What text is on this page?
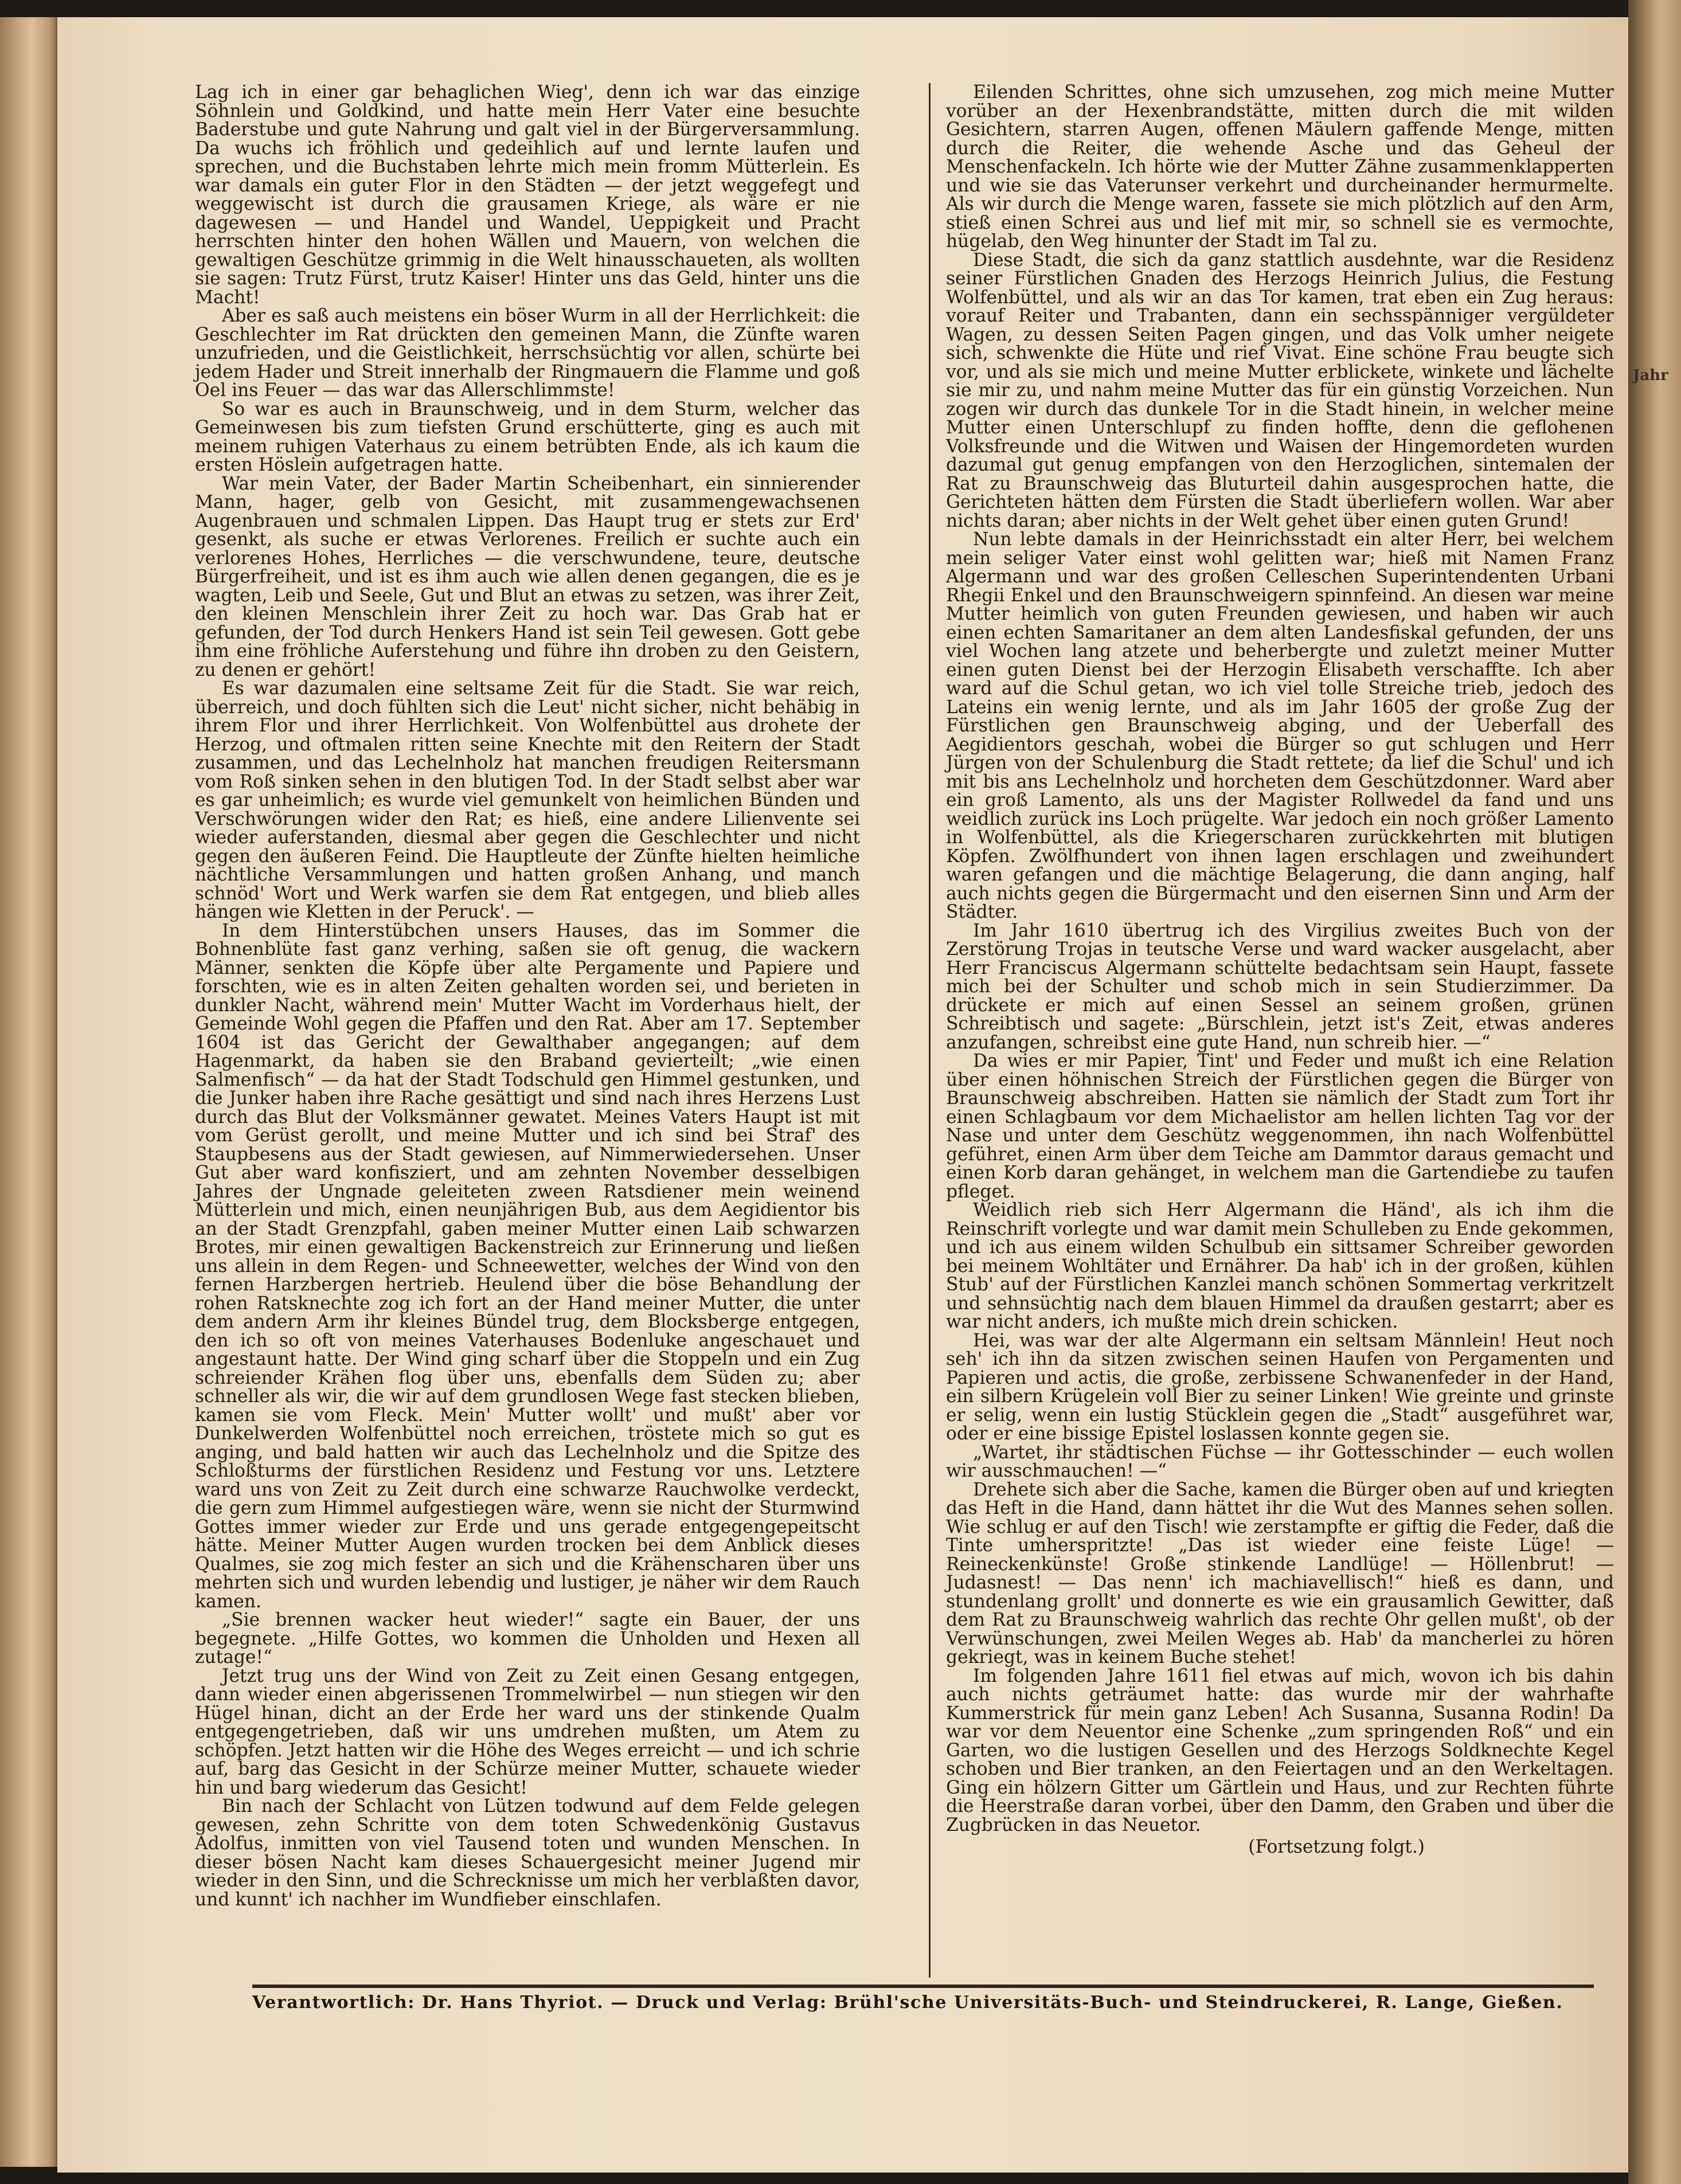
Jahr

Lag ich in einer gar behaglichen Wieg', denn ich war das einzige Söhnlein und Goldkind, und hatte mein Herr Vater eine besuchte Baderstube und gute Nahrung und galt viel in der Bürgerversammlung. Da wuchs ich fröhlich und gedeihlich auf und lernte laufen und sprechen, und die Buchstaben lehrte mich mein fromm Mütterlein. Es war damals ein guter Flor in den Städten — der jetzt weggefegt und weggewischt ist durch die grausamen Kriege, als wäre er nie dagewesen — und Handel und Wandel, Ueppigkeit und Pracht herrschten hinter den hohen Wällen und Mauern, von welchen die gewaltigen Geschütze grimmig in die Welt hinausschaueten, als wollten sie sagen: Trutz Fürst, trutz Kaiser! Hinter uns das Geld, hinter uns die Macht!

Aber es saß auch meistens ein böser Wurm in all der Herrlichkeit: die Geschlechter im Rat drückten den gemeinen Mann, die Zünfte waren unzufrieden, und die Geistlichkeit, herrschsüchtig vor allen, schürte bei jedem Hader und Streit innerhalb der Ringmauern die Flamme und goß Oel ins Feuer — das war das Allerschlimmste!

So war es auch in Braunschweig, und in dem Sturm, welcher das Gemeinwesen bis zum tiefsten Grund erschütterte, ging es auch mit meinem ruhigen Vaterhaus zu einem betrübten Ende, als ich kaum die ersten Höslein aufgetragen hatte.

War mein Vater, der Bader Martin Scheibenhart, ein sinnierender Mann, hager, gelb von Gesicht, mit zusammengewachsenen Augenbrauen und schmalen Lippen. Das Haupt trug er stets zur Erd' gesenkt, als suche er etwas Verlorenes. Freilich er suchte auch ein verlorenes Hohes, Herrliches — die verschwundene, teure, deutsche Bürgerfreiheit, und ist es ihm auch wie allen denen gegangen, die es je wagten, Leib und Seele, Gut und Blut an etwas zu setzen, was ihrer Zeit, den kleinen Menschlein ihrer Zeit zu hoch war. Das Grab hat er gefunden, der Tod durch Henkers Hand ist sein Teil gewesen. Gott gebe ihm eine fröhliche Auferstehung und führe ihn droben zu den Geistern, zu denen er gehört!

Es war dazumalen eine seltsame Zeit für die Stadt. Sie war reich, überreich, und doch fühlten sich die Leut' nicht sicher, nicht behäbig in ihrem Flor und ihrer Herrlichkeit. Von Wolfenbüttel aus drohete der Herzog, und oftmalen ritten seine Knechte mit den Reitern der Stadt zusammen, und das Lechelnholz hat manchen freudigen Reitersmann vom Roß sinken sehen in den blutigen Tod. In der Stadt selbst aber war es gar unheimlich; es wurde viel gemunkelt von heimlichen Bünden und Verschwörungen wider den Rat; es hieß, eine andere Lilienvente sei wieder auferstanden, diesmal aber gegen die Geschlechter und nicht gegen den äußeren Feind. Die Hauptleute der Zünfte hielten heimliche nächtliche Versammlungen und hatten großen Anhang, und manch schnöd' Wort und Werk warfen sie dem Rat entgegen, und blieb alles hängen wie Kletten in der Peruck'. —

In dem Hinterstübchen unsers Hauses, das im Sommer die Bohnenblüte fast ganz verhing, saßen sie oft genug, die wackern Männer, senkten die Köpfe über alte Pergamente und Papiere und forschten, wie es in alten Zeiten gehalten worden sei, und berieten in dunkler Nacht, während mein' Mutter Wacht im Vorderhaus hielt, der Gemeinde Wohl gegen die Pfaffen und den Rat. Aber am 17. September 1604 ist das Gericht der Gewalthaber angegangen; auf dem Hagenmarkt, da haben sie den Braband gevierteilt; „wie einen Salmenfisch“ — da hat der Stadt Todschuld gen Himmel gestunken, und die Junker haben ihre Rache gesättigt und sind nach ihres Herzens Lust durch das Blut der Volksmänner gewatet. Meines Vaters Haupt ist mit vom Gerüst gerollt, und meine Mutter und ich sind bei Straf' des Staupbesens aus der Stadt gewiesen, auf Nimmerwiedersehen. Unser Gut aber ward konfisziert, und am zehnten November desselbigen Jahres der Ungnade geleiteten zween Ratsdiener mein weinend Mütterlein und mich, einen neunjährigen Bub, aus dem Aegidientor bis an der Stadt Grenzpfahl, gaben meiner Mutter einen Laib schwarzen Brotes, mir einen gewaltigen Backenstreich zur Erinnerung und ließen uns allein in dem Regen- und Schneewetter, welches der Wind von den fernen Harzbergen hertrieb. Heulend über die böse Behandlung der rohen Ratsknechte zog ich fort an der Hand meiner Mutter, die unter dem andern Arm ihr kleines Bündel trug, dem Blocksberge entgegen, den ich so oft von meines Vaterhauses Bodenluke angeschauet und angestaunt hatte. Der Wind ging scharf über die Stoppeln und ein Zug schreiender Krähen flog über uns, ebenfalls dem Süden zu; aber schneller als wir, die wir auf dem grundlosen Wege fast stecken blieben, kamen sie vom Fleck. Mein' Mutter wollt' und mußt' aber vor Dunkelwerden Wolfenbüttel noch erreichen, tröstete mich so gut es anging, und bald hatten wir auch das Lechelnholz und die Spitze des Schloßturms der fürstlichen Residenz und Festung vor uns. Letztere ward uns von Zeit zu Zeit durch eine schwarze Rauchwolke verdeckt, die gern zum Himmel aufgestiegen wäre, wenn sie nicht der Sturmwind Gottes immer wieder zur Erde und uns gerade entgegengepeitscht hätte. Meiner Mutter Augen wurden trocken bei dem Anblick dieses Qualmes, sie zog mich fester an sich und die Krähenscharen über uns mehrten sich und wurden lebendig und lustiger, je näher wir dem Rauch kamen.

„Sie brennen wacker heut wieder!“ sagte ein Bauer, der uns begegnete. „Hilfe Gottes, wo kommen die Unholden und Hexen all zutage!“

Jetzt trug uns der Wind von Zeit zu Zeit einen Gesang entgegen, dann wieder einen abgerissenen Trommelwirbel — nun stiegen wir den Hügel hinan, dicht an der Erde her ward uns der stinkende Qualm entgegengetrieben, daß wir uns umdrehen mußten, um Atem zu schöpfen. Jetzt hatten wir die Höhe des Weges erreicht — und ich schrie auf, barg das Gesicht in der Schürze meiner Mutter, schauete wieder hin und barg wiederum das Gesicht!

Bin nach der Schlacht von Lützen todwund auf dem Felde gelegen gewesen, zehn Schritte von dem toten Schwedenkönig Gustavus Adolfus, inmitten von viel Tausend toten und wunden Menschen. In dieser bösen Nacht kam dieses Schauergesicht meiner Jugend mir wieder in den Sinn, und die Schrecknisse um mich her verblaßten davor, und kunnt' ich nachher im Wundfieber einschlafen.

Eilenden Schrittes, ohne sich umzusehen, zog mich meine Mutter vorüber an der Hexenbrandstätte, mitten durch die mit wilden Gesichtern, starren Augen, offenen Mäulern gaffende Menge, mitten durch die Reiter, die wehende Asche und das Geheul der Menschenfackeln. Ich hörte wie der Mutter Zähne zusammenklapperten und wie sie das Vaterunser verkehrt und durcheinander hermurmelte. Als wir durch die Menge waren, fassete sie mich plötzlich auf den Arm, stieß einen Schrei aus und lief mit mir, so schnell sie es vermochte, hügelab, den Weg hinunter der Stadt im Tal zu.

Diese Stadt, die sich da ganz stattlich ausdehnte, war die Residenz seiner Fürstlichen Gnaden des Herzogs Heinrich Julius, die Festung Wolfenbüttel, und als wir an das Tor kamen, trat eben ein Zug heraus: vorauf Reiter und Trabanten, dann ein sechsspänniger vergüldeter Wagen, zu dessen Seiten Pagen gingen, und das Volk umher neigete sich, schwenkte die Hüte und rief Vivat. Eine schöne Frau beugte sich vor, und als sie mich und meine Mutter erblickete, winkete und lächelte sie mir zu, und nahm meine Mutter das für ein günstig Vorzeichen. Nun zogen wir durch das dunkele Tor in die Stadt hinein, in welcher meine Mutter einen Unterschlupf zu finden hoffte, denn die geflohenen Volksfreunde und die Witwen und Waisen der Hingemordeten wurden dazumal gut genug empfangen von den Herzoglichen, sintemalen der Rat zu Braunschweig das Bluturteil dahin ausgesprochen hatte, die Gerichteten hätten dem Fürsten die Stadt überliefern wollen. War aber nichts daran; aber nichts in der Welt gehet über einen guten Grund!

Nun lebte damals in der Heinrichsstadt ein alter Herr, bei welchem mein seliger Vater einst wohl gelitten war; hieß mit Namen Franz Algermann und war des großen Celleschen Superintendenten Urbani Rhegii Enkel und den Braunschweigern spinnfeind. An diesen war meine Mutter heimlich von guten Freunden gewiesen, und haben wir auch einen echten Samaritaner an dem alten Landesfiskal gefunden, der uns viel Wochen lang atzete und beherbergte und zuletzt meiner Mutter einen guten Dienst bei der Herzogin Elisabeth verschaffte. Ich aber ward auf die Schul getan, wo ich viel tolle Streiche trieb, jedoch des Lateins ein wenig lernte, und als im Jahr 1605 der große Zug der Fürstlichen gen Braunschweig abging, und der Ueberfall des Aegidientors geschah, wobei die Bürger so gut schlugen und Herr Jürgen von der Schulenburg die Stadt rettete; da lief die Schul' und ich mit bis ans Lechelnholz und horcheten dem Geschützdonner. Ward aber ein groß Lamento, als uns der Magister Rollwedel da fand und uns weidlich zurück ins Loch prügelte. War jedoch ein noch größer Lamento in Wolfenbüttel, als die Kriegerscharen zurückkehrten mit blutigen Köpfen. Zwölfhundert von ihnen lagen erschlagen und zweihundert waren gefangen und die mächtige Belagerung, die dann anging, half auch nichts gegen die Bürgermacht und den eisernen Sinn und Arm der Städter.

Im Jahr 1610 übertrug ich des Virgilius zweites Buch von der Zerstörung Trojas in teutsche Verse und ward wacker ausgelacht, aber Herr Franciscus Algermann schüttelte bedachtsam sein Haupt, fassete mich bei der Schulter und schob mich in sein Studierzimmer. Da drückete er mich auf einen Sessel an seinem großen, grünen Schreibtisch und sagete: „Bürschlein, jetzt ist's Zeit, etwas anderes anzufangen, schreibst eine gute Hand, nun schreib hier. —“

Da wies er mir Papier, Tint' und Feder und mußt ich eine Relation über einen höhnischen Streich der Fürstlichen gegen die Bürger von Braunschweig abschreiben. Hatten sie nämlich der Stadt zum Tort ihr einen Schlagbaum vor dem Michaelistor am hellen lichten Tag vor der Nase und unter dem Geschütz weggenommen, ihn nach Wolfenbüttel geführet, einen Arm über dem Teiche am Dammtor daraus gemacht und einen Korb daran gehänget, in welchem man die Gartendiebe zu taufen pfleget.

Weidlich rieb sich Herr Algermann die Händ', als ich ihm die Reinschrift vorlegte und war damit mein Schulleben zu Ende gekommen, und ich aus einem wilden Schulbub ein sittsamer Schreiber geworden bei meinem Wohltäter und Ernährer. Da hab' ich in der großen, kühlen Stub' auf der Fürstlichen Kanzlei manch schönen Sommertag verkritzelt und sehnsüchtig nach dem blauen Himmel da draußen gestarrt; aber es war nicht anders, ich mußte mich drein schicken.

Hei, was war der alte Algermann ein seltsam Männlein! Heut noch seh' ich ihn da sitzen zwischen seinen Haufen von Pergamenten und Papieren und actis, die große, zerbissene Schwanenfeder in der Hand, ein silbern Krügelein voll Bier zu seiner Linken! Wie greinte und grinste er selig, wenn ein lustig Stücklein gegen die „Stadt“ ausgeführet war, oder er eine bissige Epistel loslassen konnte gegen sie.

„Wartet, ihr städtischen Füchse — ihr Gottesschinder — euch wollen wir ausschmauchen! —“

Drehete sich aber die Sache, kamen die Bürger oben auf und kriegten das Heft in die Hand, dann hättet ihr die Wut des Mannes sehen sollen. Wie schlug er auf den Tisch! wie zerstampfte er giftig die Feder, daß die Tinte umherspritzte! „Das ist wieder eine feiste Lüge! — Reineckenkünste! Große stinkende Landlüge! — Höllenbrut! — Judasnest! — Das nenn' ich machiavellisch!“ hieß es dann, und stundenlang grollt' und donnerte es wie ein grausamlich Gewitter, daß dem Rat zu Braunschweig wahrlich das rechte Ohr gellen mußt', ob der Verwünschungen, zwei Meilen Weges ab. Hab' da mancherlei zu hören gekriegt, was in keinem Buche stehet!

Im folgenden Jahre 1611 fiel etwas auf mich, wovon ich bis dahin auch nichts geträumet hatte: das wurde mir der wahrhafte Kummerstrick für mein ganz Leben! Ach Susanna, Susanna Rodin! Da war vor dem Neuentor eine Schenke „zum springenden Roß“ und ein Garten, wo die lustigen Gesellen und des Herzogs Soldknechte Kegel schoben und Bier tranken, an den Feiertagen und an den Werkeltagen. Ging ein hölzern Gitter um Gärtlein und Haus, und zur Rechten führte die Heerstraße daran vorbei, über den Damm, den Graben und über die Zugbrücken in das Neuetor.

(Fortsetzung folgt.)

Verantwortlich: Dr. Hans Thyriot. — Druck und Verlag: Brühl'sche Universitäts-Buch- und Steindruckerei, R. Lange, Gießen.
